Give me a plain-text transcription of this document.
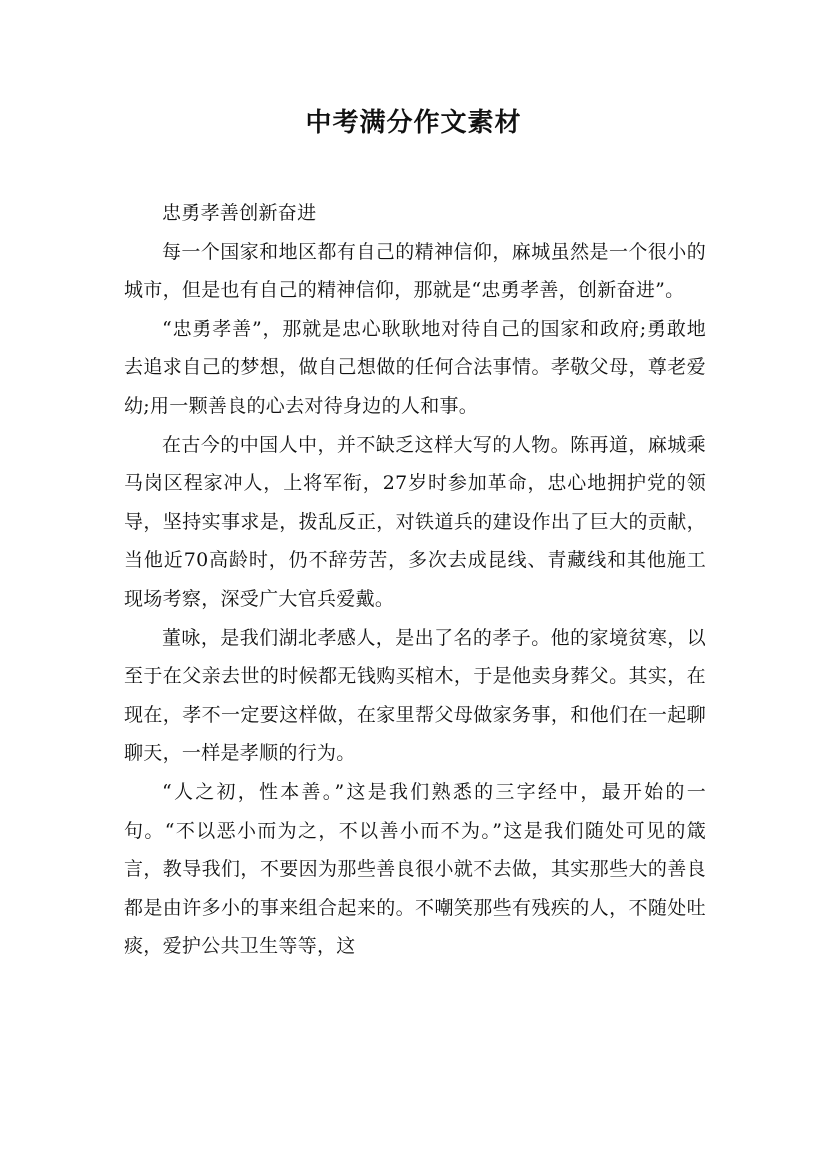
中考满分作文素材

忠勇孝善创新奋进

每一个国家和地区都有自己的精神信仰，麻城虽然是一个很小的城市，但是也有自己的精神信仰，那就是“忠勇孝善，创新奋进”。

“忠勇孝善”，那就是忠心耿耿地对待自己的国家和政府;勇敢地去追求自己的梦想，做自己想做的任何合法事情。孝敬父母，尊老爱幼;用一颗善良的心去对待身边的人和事。

在古今的中国人中，并不缺乏这样大写的人物。陈再道，麻城乘马岗区程家冲人，上将军衔，27岁时参加革命，忠心地拥护党的领导，坚持实事求是，拨乱反正，对铁道兵的建设作出了巨大的贡献，当他近70高龄时，仍不辞劳苦，多次去成昆线、青藏线和其他施工现场考察，深受广大官兵爱戴。

董咏，是我们湖北孝感人，是出了名的孝子。他的家境贫寒，以至于在父亲去世的时候都无钱购买棺木，于是他卖身葬父。其实，在现在，孝不一定要这样做，在家里帮父母做家务事，和他们在一起聊聊天，一样是孝顺的行为。

“人之初，性本善。”这是我们熟悉的三字经中，最开始的一句。“不以恶小而为之，不以善小而不为。”这是我们随处可见的箴言，教导我们，不要因为那些善良很小就不去做，其实那些大的善良都是由许多小的事来组合起来的。不嘲笑那些有残疾的人，不随处吐痰，爱护公共卫生等等，这
